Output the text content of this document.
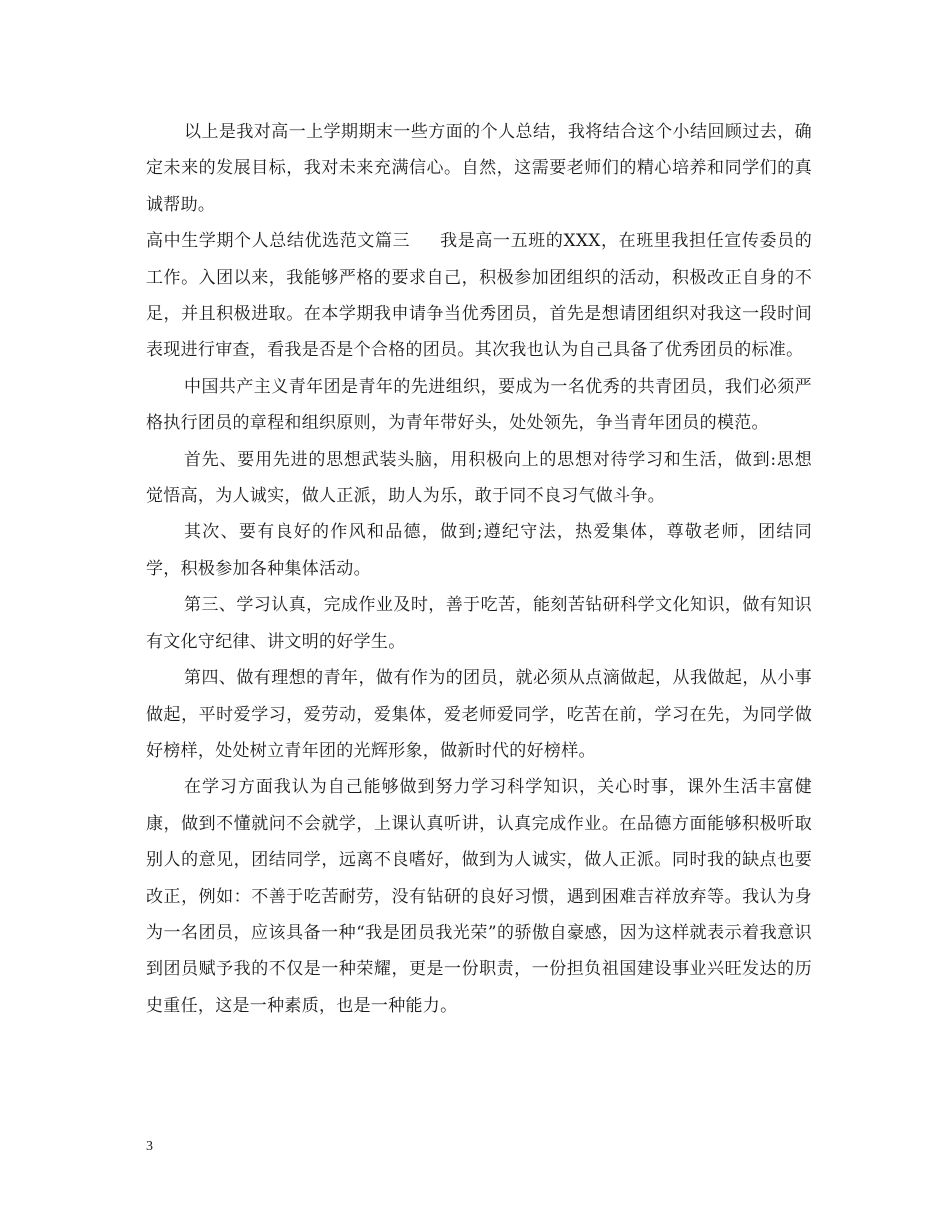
以上是我对高一上学期期末一些方面的个人总结，我将结合这个小结回顾过去，确定未来的发展目标，我对未来充满信心。自然，这需要老师们的精心培养和同学们的真诚帮助。

高中生学期个人总结优选范文篇三 我是高一五班的XXX，在班里我担任宣传委员的工作。入团以来，我能够严格的要求自己，积极参加团组织的活动，积极改正自身的不足，并且积极进取。在本学期我申请争当优秀团员，首先是想请团组织对我这一段时间表现进行审查，看我是否是个合格的团员。其次我也认为自己具备了优秀团员的标准。

中国共产主义青年团是青年的先进组织，要成为一名优秀的共青团员，我们必须严格执行团员的章程和组织原则，为青年带好头，处处领先，争当青年团员的模范。

首先、要用先进的思想武装头脑，用积极向上的思想对待学习和生活，做到:思想觉悟高，为人诚实，做人正派，助人为乐，敢于同不良习气做斗争。

其次、要有良好的作风和品德，做到;遵纪守法，热爱集体，尊敬老师，团结同学，积极参加各种集体活动。

第三、学习认真，完成作业及时，善于吃苦，能刻苦钻研科学文化知识，做有知识有文化守纪律、讲文明的好学生。

第四、做有理想的青年，做有作为的团员，就必须从点滴做起，从我做起，从小事做起，平时爱学习，爱劳动，爱集体，爱老师爱同学，吃苦在前，学习在先，为同学做好榜样，处处树立青年团的光辉形象，做新时代的好榜样。

在学习方面我认为自己能够做到努力学习科学知识，关心时事，课外生活丰富健康，做到不懂就问不会就学，上课认真听讲，认真完成作业。在品德方面能够积极听取别人的意见，团结同学，远离不良嗜好，做到为人诚实，做人正派。同时我的缺点也要改正，例如：不善于吃苦耐劳，没有钻研的良好习惯，遇到困难吉祥放弃等。我认为身为一名团员，应该具备一种“我是团员我光荣”的骄傲自豪感，因为这样就表示着我意识到团员赋予我的不仅是一种荣耀，更是一份职责，一份担负祖国建设事业兴旺发达的历史重任，这是一种素质，也是一种能力。

3
